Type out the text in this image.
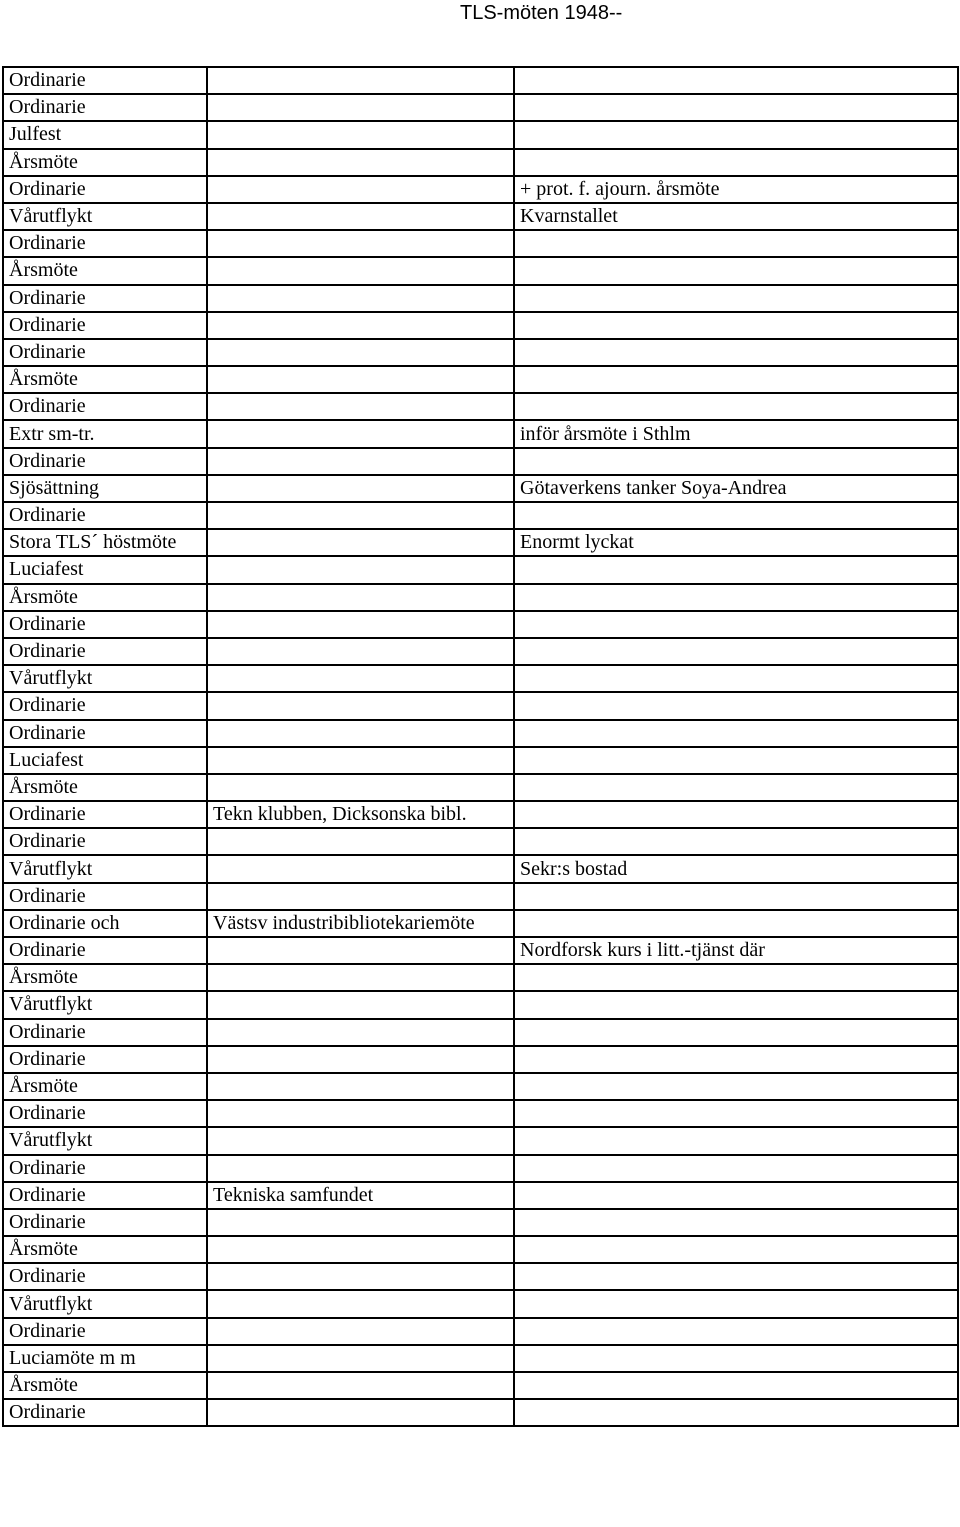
TLS-möten 1948--
Ordinarie		
Ordinarie		
Julfest		
Årsmöte		
Ordinarie		+ prot. f. ajourn. årsmöte
Vårutflykt		Kvarnstallet
Ordinarie		
Årsmöte		
Ordinarie		
Ordinarie		
Ordinarie		
Årsmöte		
Ordinarie		
Extr sm-tr.		inför årsmöte i Sthlm
Ordinarie		
Sjösättning		Götaverkens tanker Soya-Andrea
Ordinarie		
Stora TLS´ höstmöte		Enormt lyckat
Luciafest		
Årsmöte		
Ordinarie		
Ordinarie		
Vårutflykt		
Ordinarie		
Ordinarie		
Luciafest		
Årsmöte		
Ordinarie	Tekn klubben, Dicksonska bibl.	
Ordinarie		
Vårutflykt		Sekr:s bostad
Ordinarie		
Ordinarie och	Västsv industribibliotekariemöte	
Ordinarie		Nordforsk kurs i litt.-tjänst där
Årsmöte		
Vårutflykt		
Ordinarie		
Ordinarie		
Årsmöte		
Ordinarie		
Vårutflykt		
Ordinarie		
Ordinarie	Tekniska samfundet	
Ordinarie		
Årsmöte		
Ordinarie		
Vårutflykt		
Ordinarie		
Luciamöte m m		
Årsmöte		
Ordinarie		
